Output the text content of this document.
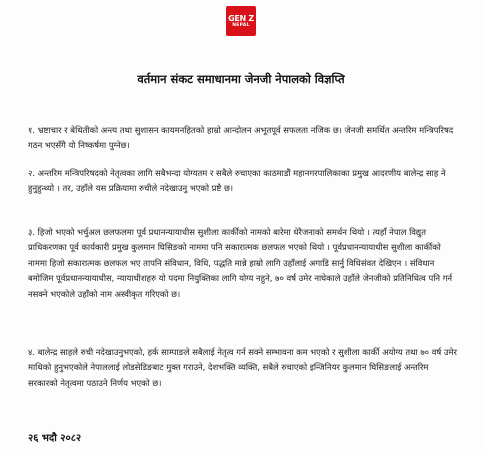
GEN Z
NEPAL
वर्तमान संकट समाधानमा जेनजी नेपालको विज्ञप्ति
१. भ्रष्टाचार र बेथितीको अन्त्य तथा सुशासन कायमनहितको हाम्रो आन्दोलन अभूतपूर्व सफलता नजिक छ। जेनजी समर्थित अन्तरिम मन्त्रिपरिषद गठन भएसँगै यो निष्कर्षमा पुग्नेछ।
२. अन्तरिम मन्त्रिपरिषदको नेतृत्वका लागि सबैभन्दा योग्यतम र सबैले रुचाएका काठमाडौं महानगरपालिकाका प्रमुख आदरणीय बालेन्द्र साह ने हुनुहुन्थ्यो । तर, उहाँले यस प्रक्रियामा रुचीले नदेखाउनु भएको प्रष्टै छ।
३. हिजो भएको भर्चुअल छलफलमा पूर्व प्रधानन्यायाधीस सुशीला कार्कीको नामको बारेमा धेरैजनाको समर्थन थियो । त्यहाँ नेपाल विद्युत प्राधिकरणका पूर्व कार्यकारी प्रमुख कुलमान घिसिङको नाममा पनि सकारात्मक छलफल भएको थियो । पूर्वप्रधानन्यायाधीस सुशीला कार्कीको नाममा हिजो सकारात्मक छलफल भए तापनि संविधान, विधि, पद्धति मान्ने हाम्रो लागि उहाँलाई अगाडि सार्नु विधिसंवत देखिएन । संविधान बमोजिम पूर्वप्रधानन्यायाधीस, न्यायाधीशहरु यो पदमा नियुक्तिका लागि योग्य नहुने, ७० वर्ष उमेर नाघेकाले उहाँले जेनजीको प्रतिनिधित्व पनि गर्न नसक्ने भएकोले उहाँको नाम अस्वीकृत गरिएको छ।
४. बालेन्द्र साहले रुची नदेखाउनुभएको, हर्क साम्पाङले सबैलाई नेतृत्व गर्न सक्ने सम्भावना कम भएको र सुशीला कार्की अयोग्य तथा ७० वर्ष उमेर माथिको हुनुभएकोले नेपाललाई लोडसेडिङबाट मुक्त गराउने, देशभक्ति व्यक्ति, सबैले रुचाएको इन्जिनियर कुलमान घिसिङलाई अन्तरिम सरकारको नेतृत्वमा पठाउने निर्णय भएको छ।
२६ भदौ २०८२
